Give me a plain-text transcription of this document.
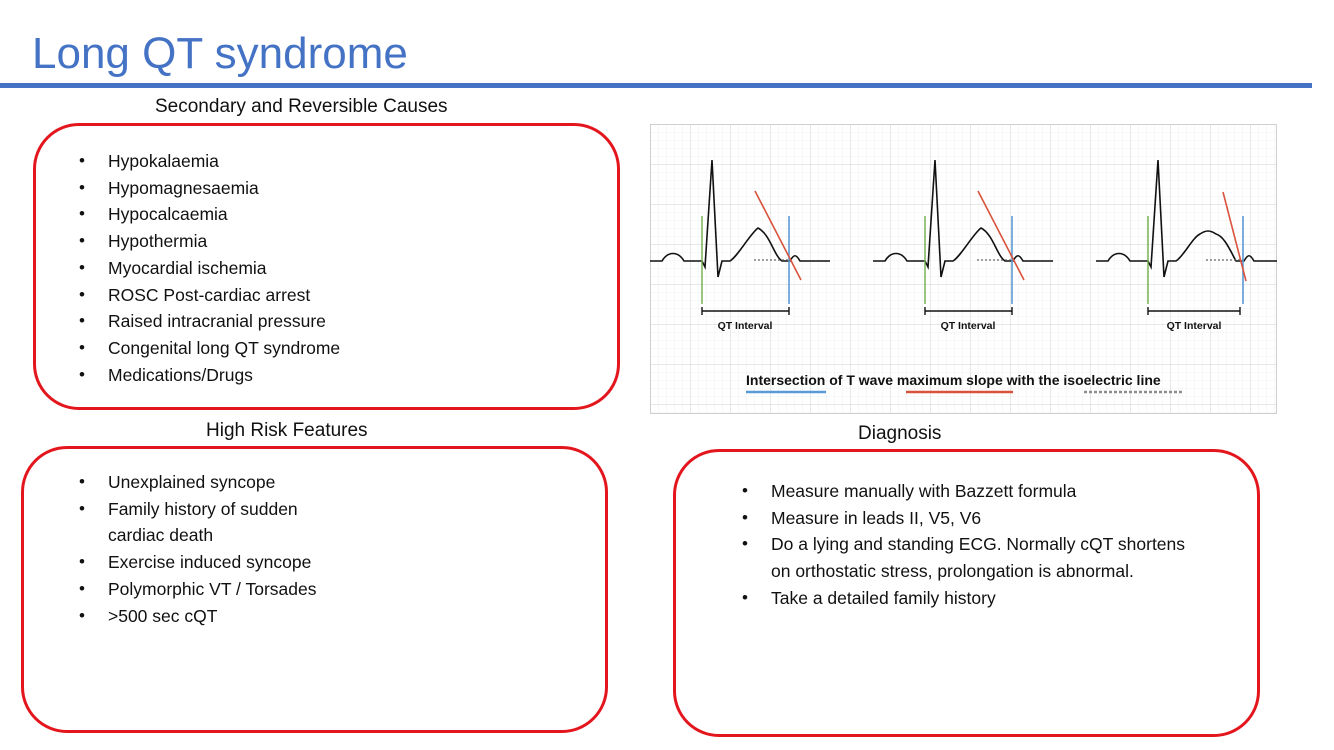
Long QT syndrome
Secondary and Reversible Causes
• Hypokalaemia
• Hypomagnesaemia
• Hypocalcaemia
• Hypothermia
• Myocardial ischemia
• ROSC Post-cardiac arrest
• Raised intracranial pressure
• Congenital long QT syndrome
• Medications/Drugs
High Risk Features
• Unexplained syncope
• Family history of sudden cardiac death
• Exercise induced syncope
• Polymorphic VT / Torsades
• >500 sec cQT
Diagnosis
• Measure manually with Bazzett formula
• Measure in leads II, V5, V6
• Do a lying and standing ECG. Normally cQT shortens on orthostatic stress, prolongation is abnormal.
• Take a detailed family history
QT Interval	QT Interval	QT Interval
Intersection of T wave maximum slope with the isoelectric line
